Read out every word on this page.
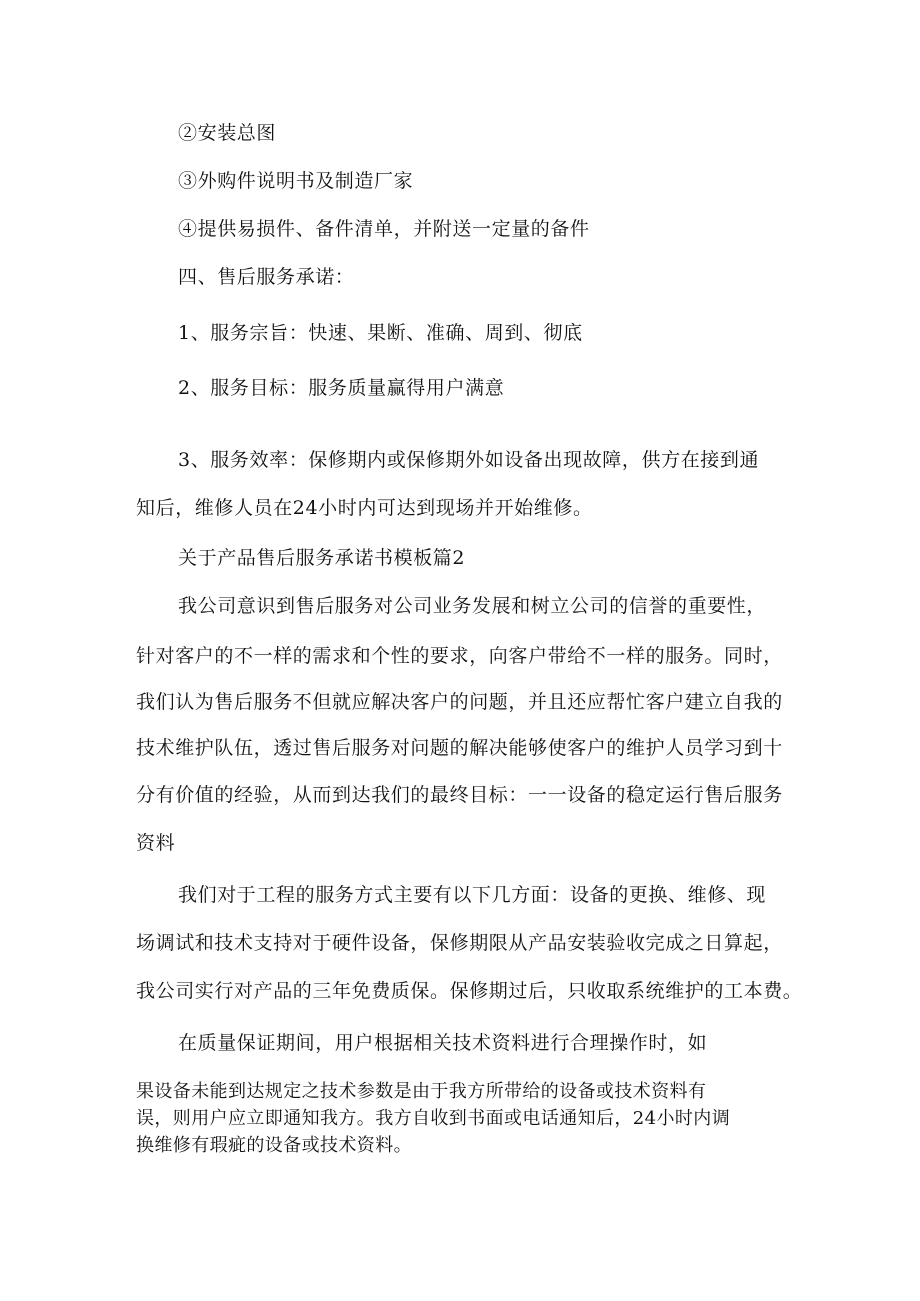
②安装总图
③外购件说明书及制造厂家
④提供易损件、备件清单，并附送一定量的备件
四、售后服务承诺：
1、服务宗旨：快速、果断、准确、周到、彻底
2、服务目标：服务质量赢得用户满意
3、服务效率：保修期内或保修期外如设备出现故障，供方在接到通
知后，维修人员在24小时内可达到现场并开始维修。
关于产品售后服务承诺书模板篇2
我公司意识到售后服务对公司业务发展和树立公司的信誉的重要性，
针对客户的不一样的需求和个性的要求，向客户带给不一样的服务。同时，
我们认为售后服务不但就应解决客户的问题，并且还应帮忙客户建立自我的
技术维护队伍，透过售后服务对问题的解决能够使客户的维护人员学习到十
分有价值的经验，从而到达我们的最终目标：一一设备的稳定运行售后服务
资料
我们对于工程的服务方式主要有以下几方面：设备的更换、维修、现
场调试和技术支持对于硬件设备，保修期限从产品安装验收完成之日算起，
我公司实行对产品的三年免费质保。保修期过后，只收取系统维护的工本费。
在质量保证期间，用户根据相关技术资料进行合理操作时，如
果设备未能到达规定之技术参数是由于我方所带给的设备或技术资料有
误，则用户应立即通知我方。我方自收到书面或电话通知后，24小时内调
换维修有瑕疵的设备或技术资料。
